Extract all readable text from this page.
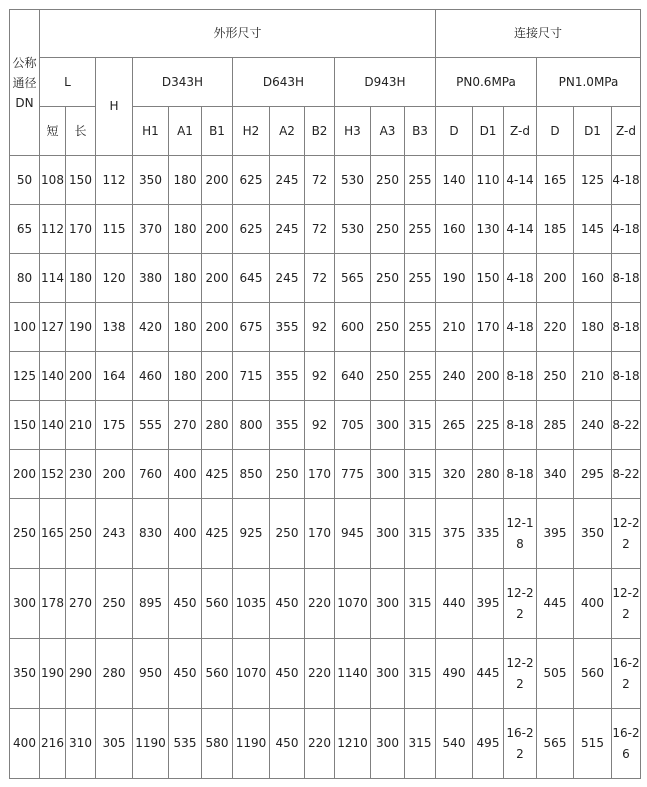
公称通径DN	外形尺寸												连接尺寸					
	L		H	D343H			D643H			D943H			PN0.6MPa			PN1.0MPa		
	短	长		H1	A1	B1	H2	A2	B2	H3	A3	B3	D	D1	Z-d	D	D1	Z-d
50	108	150	112	350	180	200	625	245	72	530	250	255	140	110	4-14	165	125	4-18
65	112	170	115	370	180	200	625	245	72	530	250	255	160	130	4-14	185	145	4-18
80	114	180	120	380	180	200	645	245	72	565	250	255	190	150	4-18	200	160	8-18
100	127	190	138	420	180	200	675	355	92	600	250	255	210	170	4-18	220	180	8-18
125	140	200	164	460	180	200	715	355	92	640	250	255	240	200	8-18	250	210	8-18
150	140	210	175	555	270	280	800	355	92	705	300	315	265	225	8-18	285	240	8-22
200	152	230	200	760	400	425	850	250	170	775	300	315	320	280	8-18	340	295	8-22
250	165	250	243	830	400	425	925	250	170	945	300	315	375	335	12-18	395	350	12-22
300	178	270	250	895	450	560	1035	450	220	1070	300	315	440	395	12-22	445	400	12-22
350	190	290	280	950	450	560	1070	450	220	1140	300	315	490	445	12-22	505	560	16-22
400	216	310	305	1190	535	580	1190	450	220	1210	300	315	540	495	16-22	565	515	16-26
